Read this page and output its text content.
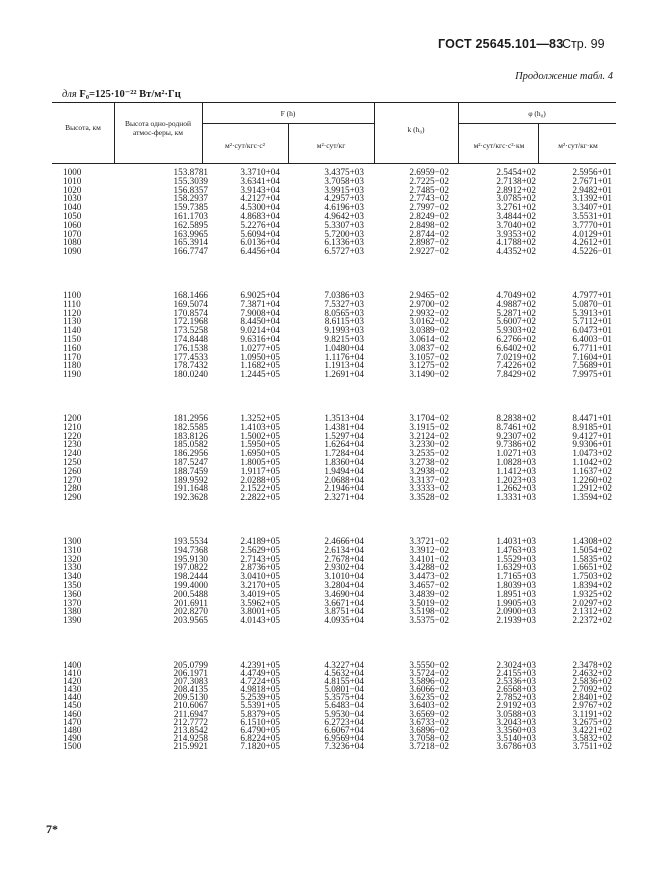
ГОСТ 25645.101—83
Стр. 99
Продолжение табл. 4
для F₀=125·10⁻²² Вт/м²·Гц
Высота, км	Высота одно-родной атмос-феры, км
F (h)
м²·сут/кгс·с²	м²·сут/кг
k (h₀)
φ (h₀)
м²·сут/кгс·с²·км	м²·сут/кг·км
1000	153.8781	3.3710+04	3.4375+03	2.6959−02	2.5454+02	2.5956+01
1010	155.3039	3.6341+04	3.7058+03	2.7225−02	2.7138+02	2.7671+01
1020	156.8357	3.9143+04	3.9915+03	2.7485−02	2.8912+02	2.9482+01
1030	158.2937	4.2127+04	4.2957+03	2.7743−02	3.0785+02	3.1392+01
1040	159.7385	4.5300+04	4.6196+03	2.7997−02	3.2761+02	3.3407+01
1050	161.1703	4.8683+04	4.9642+03	2.8249−02	3.4844+02	3.5531+01
1060	162.5895	5.2276+04	5.3307+03	2.8498−02	3.7040+02	3.7770+01
1070	163.9965	5.6094+04	5.7200+03	2.8744−02	3.9353+02	4.0129+01
1080	165.3914	6.0136+04	6.1336+03	2.8987−02	4.1788+02	4.2612+01
1090	166.7747	6.4456+04	6.5727+03	2.9227−02	4.4352+02	4.5226−01
1100	168.1466	6.9025+04	7.0386+03	2.9465−02	4.7049+02	4.7977+01
1110	169.5074	7.3871+04	7.5327+03	2.9700−02	4.9887+02	5.0870−01
1120	170.8574	7.9008+04	8.0565+03	2.9932−02	5.2871+02	5.3913+01
1130	172.1968	8.4450+04	8.6115+03	3.0162−02	5.6007+02	5.7112+01
1140	173.5258	9.0214+04	9.1993+03	3.0389−02	5.9303+02	6.0473+01
1150	174.8448	9.6316+04	9.8215+03	3.0614−02	6.2766+02	6.4003−01
1160	176.1538	1.0277+05	1.0480+04	3.0837−02	6.6402+02	6.7711+01
1170	177.4533	1.0950+05	1.1176+04	3.1057−02	7.0219+02	7.1604+01
1180	178.7432	1.1682+05	1.1913+04	3.1275−02	7.4226+02	7.5689+01
1190	180.0240	1.2445+05	1.2691+04	3.1490−02	7.8429+02	7.9975+01
1200	181.2956	1.3252+05	1.3513+04	3.1704−02	8.2838+02	8.4471+01
1210	182.5585	1.4103+05	1.4381+04	3.1915−02	8.7461+02	8.9185+01
1220	183.8126	1.5002+05	1.5297+04	3.2124−02	9.2307+02	9.4127+01
1230	185.0582	1.5950+05	1.6264+04	3.2330−02	9.7386+02	9.9306+01
1240	186.2956	1.6950+05	1.7284+04	3.2535−02	1.0271+03	1.0473+02
1250	187.5247	1.8005+05	1.8360+04	3.2738−02	1.0828+03	1.1042+02
1260	188.7459	1.9117+05	1.9494+04	3.2938−02	1.1412+03	1.1637+02
1270	189.9592	2.0288+05	2.0688+04	3.3137−02	1.2023+03	1.2260+02
1280	191.1648	2.1522+05	2.1946+04	3.3333−02	1.2662+03	1.2912+02
1290	192.3628	2.2822+05	2.3271+04	3.3528−02	1.3331+03	1.3594+02
1300	193.5534	2.4189+05	2.4666+04	3.3721−02	1.4031+03	1.4308+02
1310	194.7368	2.5629+05	2.6134+04	3.3912−02	1.4763+03	1.5054+02
1320	195.9130	2.7143+05	2.7678+04	3.4101−02	1.5529+03	1.5835+02
1330	197.0822	2.8736+05	2.9302+04	3.4288−02	1.6329+03	1.6651+02
1340	198.2444	3.0410+05	3.1010+04	3.4473−02	1.7165+03	1.7503+02
1350	199.4000	3.2170+05	3.2804+04	3.4657−02	1.8039+03	1.8394+02
1360	200.5488	3.4019+05	3.4690+04	3.4839−02	1.8951+03	1.9325+02
1370	201.6911	3.5962+05	3.6671+04	3.5019−02	1.9905+03	2.0297+02
1380	202.8270	3.8001+05	3.8751+04	3.5198−02	2.0900+03	2.1312+02
1390	203.9565	4.0143+05	4.0935+04	3.5375−02	2.1939+03	2.2372+02
1400	205.0799	4.2391+05	4.3227+04	3.5550−02	2.3024+03	2.3478+02
1410	206.1971	4.4749+05	4.5632+04	3.5724−02	2.4155+03	2.4632+02
1420	207.3083	4.7224+05	4.8155+04	3.5896−02	2.5336+03	2.5836+02
1430	208.4135	4.9818+05	5.0801−04	3.6066−02	2.6568+03	2.7092+02
1440	209.5130	5.2539+05	5.3575+04	3.6235−02	2.7852+03	2.8401+02
1450	210.6067	5.5391+05	5.6483−04	3.6403−02	2.9192+03	2.9767+02
1460	211.6947	5.8379+05	5.9530−04	3.6569−02	3.0588+03	3.1191+02
1470	212.7772	6.1510+05	6.2723+04	3.6733−02	3.2043+03	3.2675+02
1480	213.8542	6.4790+05	6.6067+04	3.6896−02	3.3560+03	3.4221+02
1490	214.9258	6.8224+05	6.9569+04	3.7058−02	3.5140+03	3.5832+02
1500	215.9921	7.1820+05	7.3236+04	3.7218−02	3.6786+03	3.7511+02
7*
